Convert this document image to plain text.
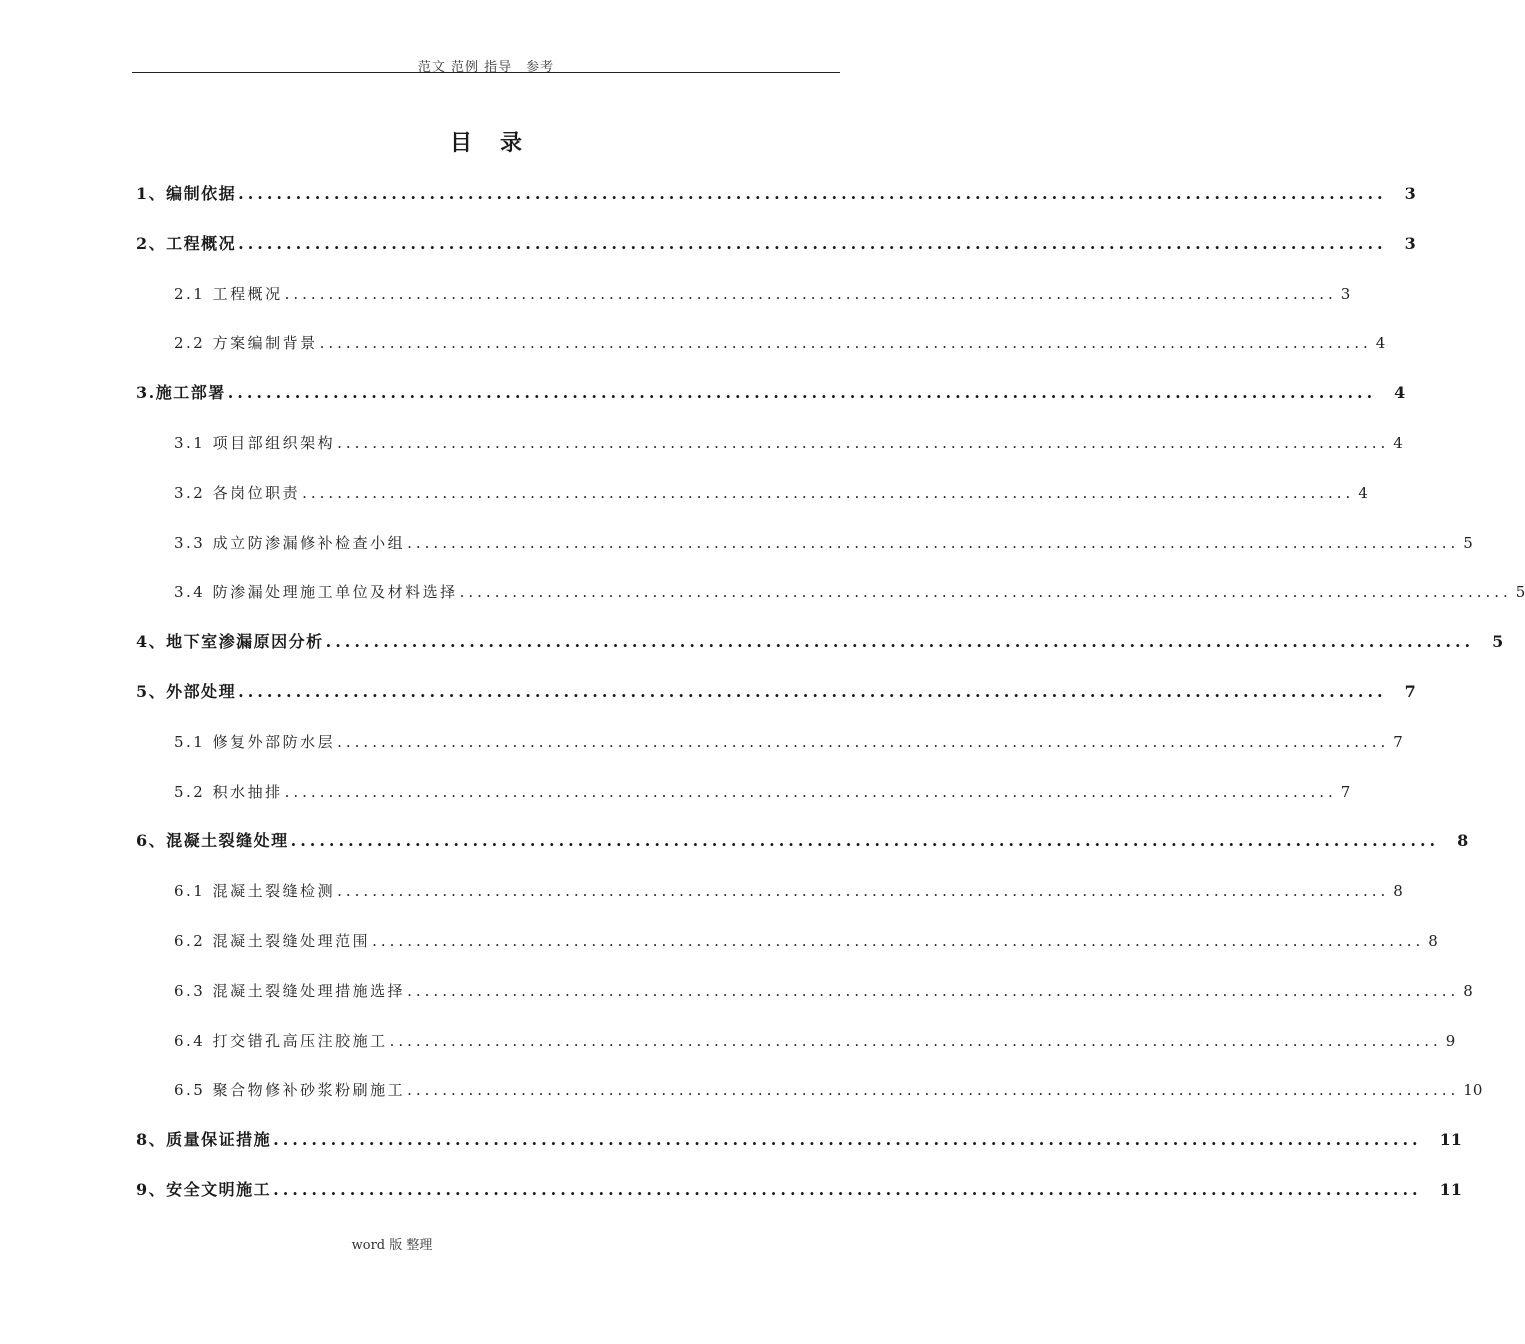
范文 范例 指导　参考
目录
1、编制依据 ........................................................................................................................ 3
2、工程概况 ........................................................................................................................ 3
2.1 工程概况 ........................................................................................................................ 3
2.2 方案编制背景 ........................................................................................................................ 4
3.施工部署 ........................................................................................................................ 4
3.1 项目部组织架构 ........................................................................................................................ 4
3.2 各岗位职责 ........................................................................................................................ 4
3.3 成立防渗漏修补检查小组 ........................................................................................................................ 5
3.4 防渗漏处理施工单位及材料选择 ........................................................................................................................ 5
4、地下室渗漏原因分析 ........................................................................................................................ 5
5、外部处理 ........................................................................................................................ 7
5.1 修复外部防水层 ........................................................................................................................ 7
5.2 积水抽排 ........................................................................................................................ 7
6、混凝土裂缝处理 ........................................................................................................................ 8
6.1 混凝土裂缝检测 ........................................................................................................................ 8
6.2 混凝土裂缝处理范围 ........................................................................................................................ 8
6.3 混凝土裂缝处理措施选择 ........................................................................................................................ 8
6.4 打交错孔高压注胶施工 ........................................................................................................................ 9
6.5 聚合物修补砂浆粉刷施工 ........................................................................................................................ 10
8、质量保证措施 ........................................................................................................................ 11
9、安全文明施工 ........................................................................................................................ 11
word 版 整理
